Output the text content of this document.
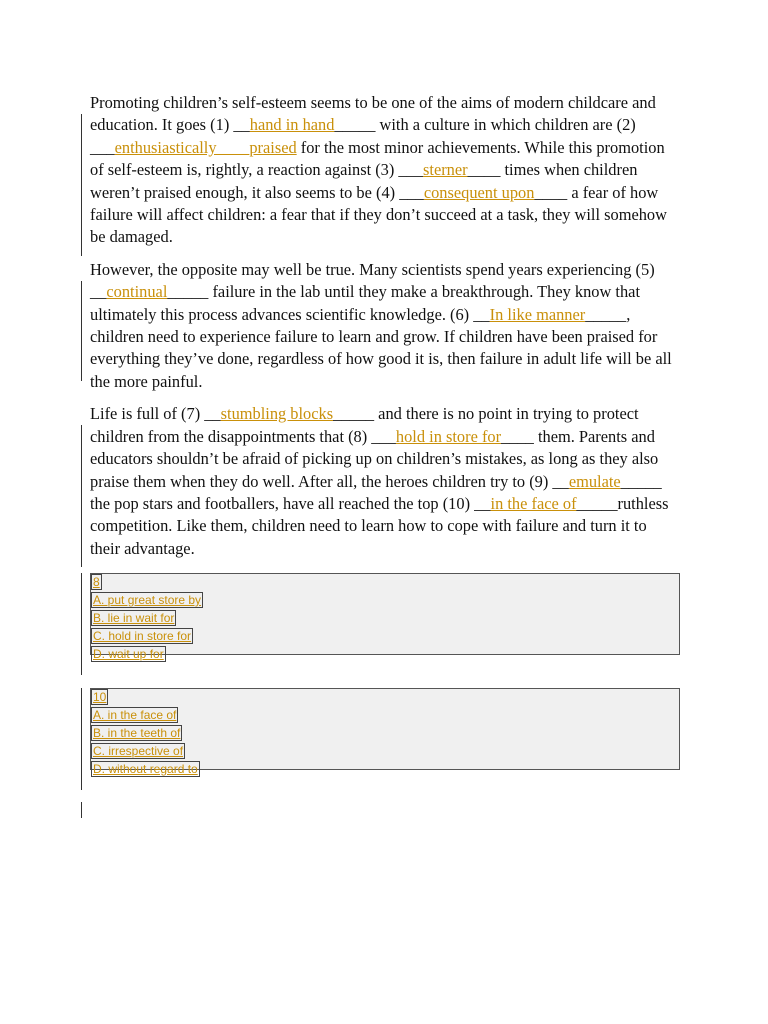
Promoting children’s self-esteem seems to be one of the aims of modern childcare and education. It goes (1) __hand in hand_____ with a culture in which children are (2) ___enthusiastically____praised for the most minor achievements. While this promotion of self-esteem is, rightly, a reaction against (3) ___sterner____ times when children weren’t praised enough, it also seems to be (4) ___consequent upon____ a fear of how failure will affect children: a fear that if they don’t succeed at a task, they will somehow be damaged.

However, the opposite may well be true. Many scientists spend years experiencing (5) __continual_____ failure in the lab until they make a breakthrough. They know that ultimately this process advances scientific knowledge. (6) __In like manner_____, children need to experience failure to learn and grow. If children have been praised for everything they’ve done, regardless of how good it is, then failure in adult life will be all the more painful.

Life is full of (7) __stumbling blocks_____ and there is no point in trying to protect children from the disappointments that (8) ___hold in store for____ them. Parents and educators shouldn’t be afraid of picking up on children’s mistakes, as long as they also praise them when they do well. After all, the heroes children try to (9) __emulate_____ the pop stars and footballers, have all reached the top (10) __in the face of_____ruthless competition. Like them, children need to learn how to cope with failure and turn it to their advantage.

8
A. put great store by
B. lie in wait for
C. hold in store for
D. wait up for
10
A. in the face of
B. in the teeth of
C. irrespective of
D. without regard to
